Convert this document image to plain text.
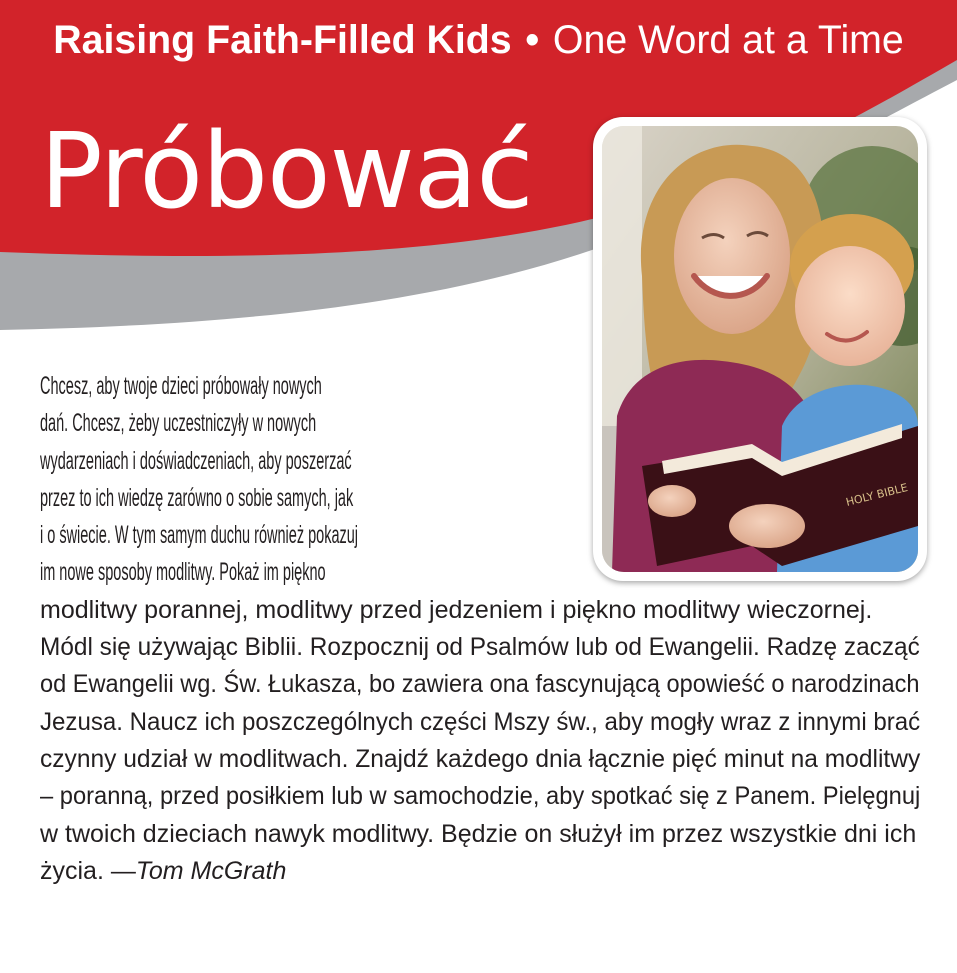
Raising Faith-Filled Kids • One Word at a Time
Próbować
HOLY BIBLE
Chcesz, aby twoje dzieci próbowały nowych
dań. Chcesz, żeby uczestniczyły w nowych
wydarzeniach i doświadczeniach, aby poszerzać
przez to ich wiedzę zarówno o sobie samych, jak
i o świecie. W tym samym duchu również pokazuj
im nowe sposoby modlitwy. Pokaż im piękno
modlitwy porannej, modlitwy przed jedzeniem i piękno modlitwy wieczornej.
Módl się używając Biblii. Rozpocznij od Psalmów lub od Ewangelii. Radzę zacząć
od Ewangelii wg. Św. Łukasza, bo zawiera ona fascynującą opowieść o narodzinach
Jezusa. Naucz ich poszczególnych części Mszy św., aby mogły wraz z innymi brać
czynny udział w modlitwach. Znajdź każdego dnia łącznie pięć minut na modlitwy
– poranną, przed posiłkiem lub w samochodzie, aby spotkać się z Panem. Pielęgnuj
w twoich dzieciach nawyk modlitwy. Będzie on służył im przez wszystkie dni ich
życia. —Tom McGrath
